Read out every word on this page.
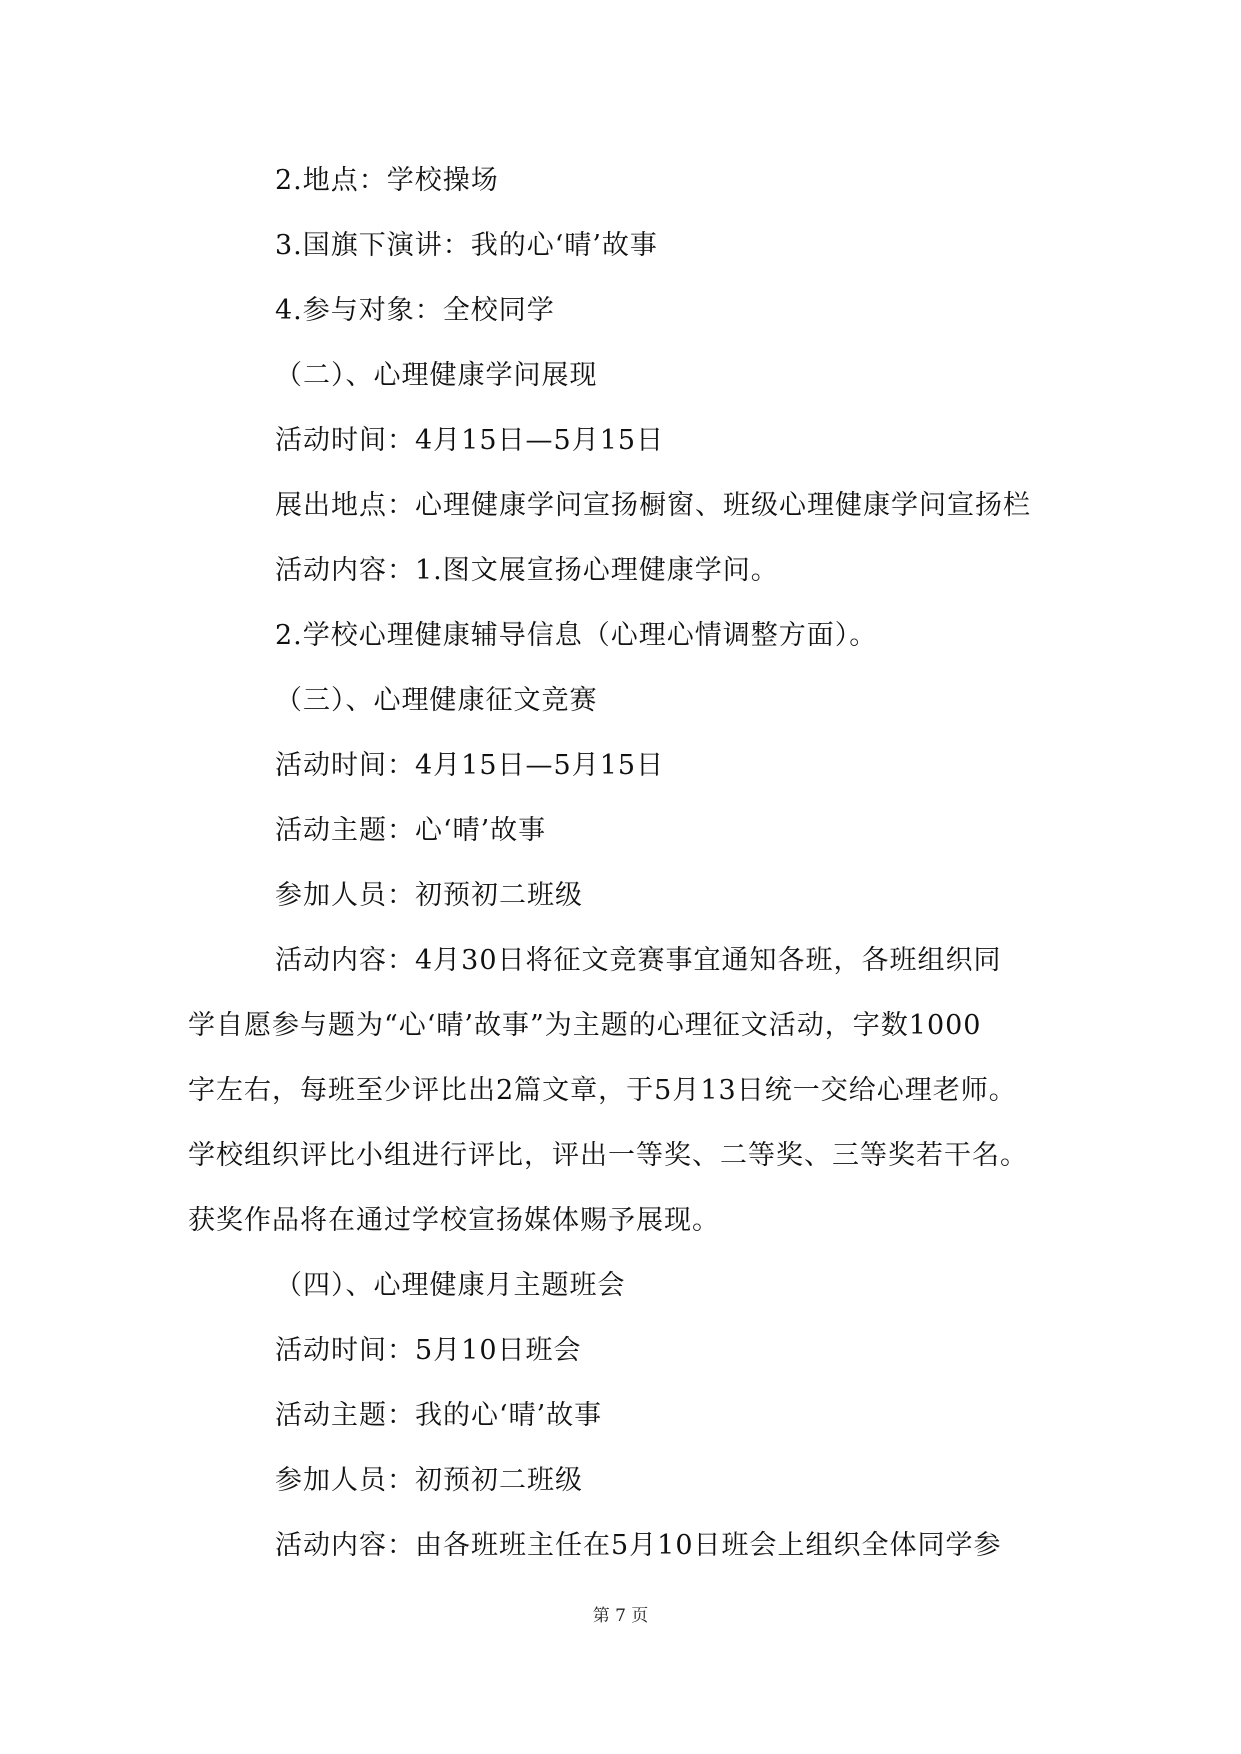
2.地点：学校操场
3.国旗下演讲：我的心‘晴’故事
4.参与对象：全校同学
（二）、心理健康学问展现
活动时间：4月15日—5月15日
展出地点：心理健康学问宣扬橱窗、班级心理健康学问宣扬栏
活动内容：1.图文展宣扬心理健康学问。
2.学校心理健康辅导信息（心理心情调整方面）。
（三）、心理健康征文竞赛
活动时间：4月15日—5月15日
活动主题：心‘晴’故事
参加人员：初预初二班级
活动内容：4月30日将征文竞赛事宜通知各班，各班组织同
学自愿参与题为“心‘晴’故事”为主题的心理征文活动，字数1000
字左右，每班至少评比出2篇文章，于5月13日统一交给心理老师。
学校组织评比小组进行评比，评出一等奖、二等奖、三等奖若干名。
获奖作品将在通过学校宣扬媒体赐予展现。
（四）、心理健康月主题班会
活动时间：5月10日班会
活动主题：我的心‘晴’故事
参加人员：初预初二班级
活动内容：由各班班主任在5月10日班会上组织全体同学参
第 7 页
